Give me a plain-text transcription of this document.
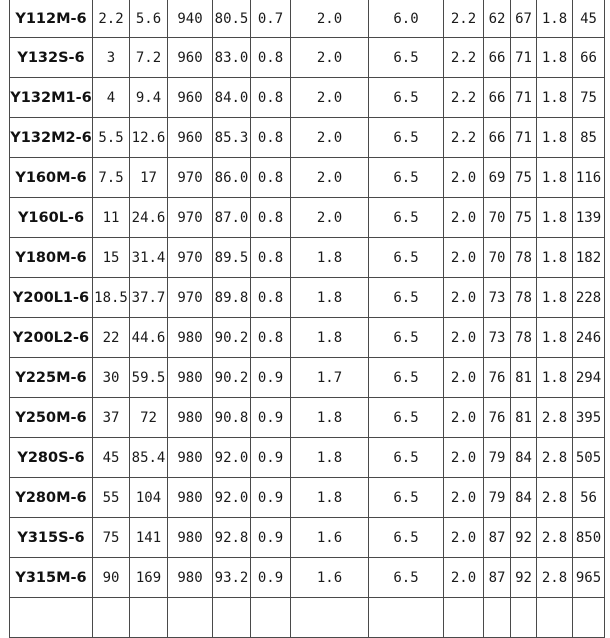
Y112M-6	2.2	5.6	940	80.5	0.7	2.0	6.0	2.2	62	67	1.8	45
Y132S-6	3	7.2	960	83.0	0.8	2.0	6.5	2.2	66	71	1.8	66
Y132M1-6	4	9.4	960	84.0	0.8	2.0	6.5	2.2	66	71	1.8	75
Y132M2-6	5.5	12.6	960	85.3	0.8	2.0	6.5	2.2	66	71	1.8	85
Y160M-6	7.5	17	970	86.0	0.8	2.0	6.5	2.0	69	75	1.8	116
Y160L-6	11	24.6	970	87.0	0.8	2.0	6.5	2.0	70	75	1.8	139
Y180M-6	15	31.4	970	89.5	0.8	1.8	6.5	2.0	70	78	1.8	182
Y200L1-6	18.5	37.7	970	89.8	0.8	1.8	6.5	2.0	73	78	1.8	228
Y200L2-6	22	44.6	980	90.2	0.8	1.8	6.5	2.0	73	78	1.8	246
Y225M-6	30	59.5	980	90.2	0.9	1.7	6.5	2.0	76	81	1.8	294
Y250M-6	37	72	980	90.8	0.9	1.8	6.5	2.0	76	81	2.8	395
Y280S-6	45	85.4	980	92.0	0.9	1.8	6.5	2.0	79	84	2.8	505
Y280M-6	55	104	980	92.0	0.9	1.8	6.5	2.0	79	84	2.8	56
Y315S-6	75	141	980	92.8	0.9	1.6	6.5	2.0	87	92	2.8	850
Y315M-6	90	169	980	93.2	0.9	1.6	6.5	2.0	87	92	2.8	965
